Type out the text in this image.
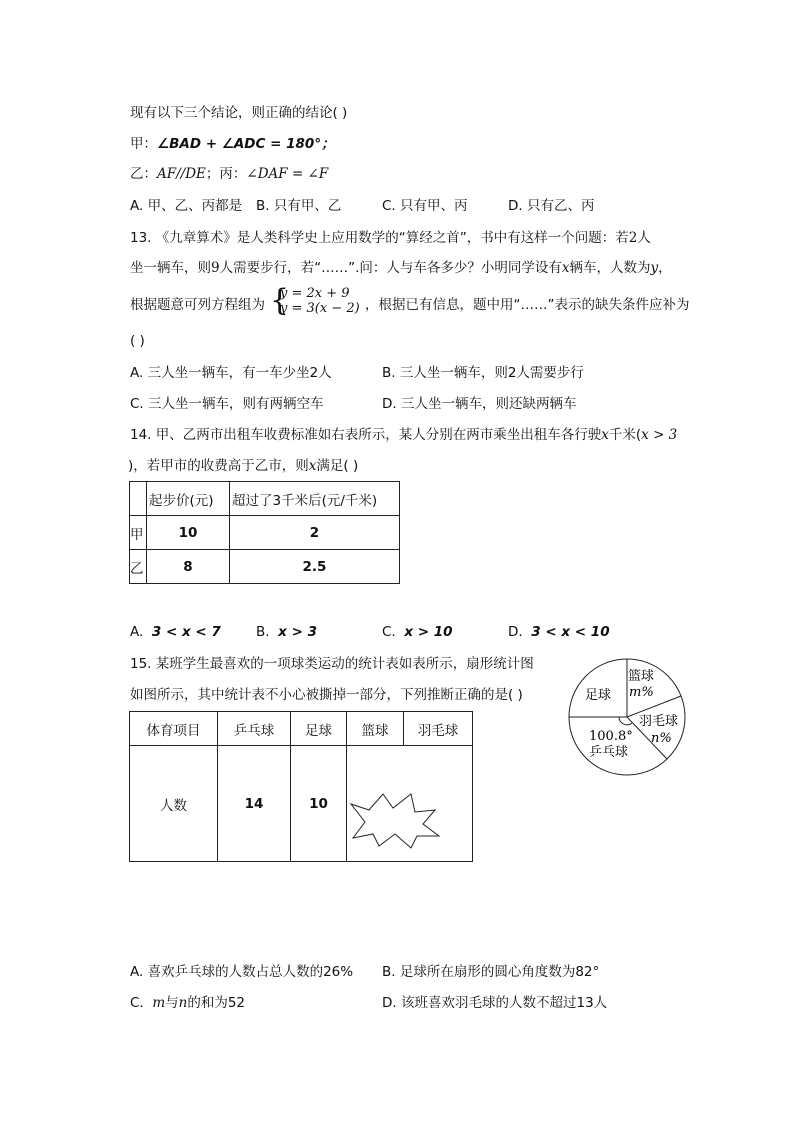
现有以下三个结论，则正确的结论( )
甲：∠BAD + ∠ADC = 180°；
乙：AF//DE；丙：∠DAF = ∠F
A. 甲、乙、丙都是 B. 只有甲、乙	C. 只有甲、丙	D. 只有乙、丙
13. 《九章算术》是人类科学史上应用数学的“算经之首”，书中有这样一个问题：若2人
坐一辆车，则9人需要步行，若“……”.问：人与车各多少？小明同学设有x辆车，人数为y，
根据题意可列方程组为 {
y = 2x + 9
y = 3(x − 2) ，根据已有信息，题中用“……”表示的缺失条件应补为
( )
A. 三人坐一辆车，有一车少坐2人	B. 三人坐一辆车，则2人需要步行
C. 三人坐一辆车，则有两辆空车	D. 三人坐一辆车，则还缺两辆车
14. 甲、乙两市出租车收费标准如右表所示，某人分别在两市乘坐出租车各行驶x千米(x > 3
)，若甲市的收费高于乙市，则x满足( )
	起步价(元)	超过了3千米后(元/千米)
甲	10	2
乙	8	2.5
A. 3 < x < 7	B. x > 3	C. x > 10	D. 3 < x < 10
15. 某班学生最喜欢的一项球类运动的统计表如表所示，扇形统计图
如图所示，其中统计表不小心被撕掉一部分，下列推断正确的是( )
体育项目	乒乓球	足球	篮球	羽毛球
人数	14	10	
足球
篮球
m%
羽毛球
n%
100.8°
乒乓球
A. 喜欢乒乓球的人数占总人数的26% B. 足球所在扇形的圆心角度数为82°
C. m与n的和为52	D. 该班喜欢羽毛球的人数不超过13人
